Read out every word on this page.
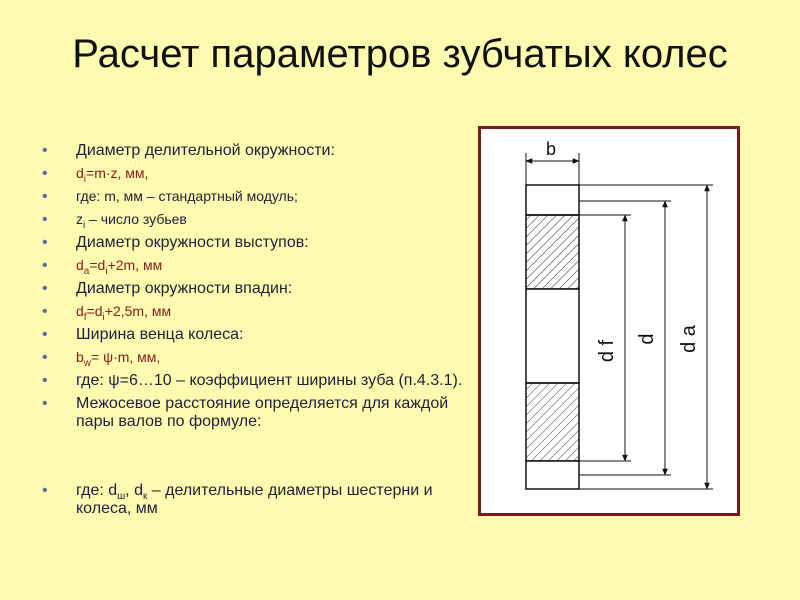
Расчет параметров зубчатых колес
• Диаметр делительной окружности:
• $d_i=m\cdot z$, мм,
• где: m, мм – стандартный модуль;
• $z_i$ – число зубьев
• Диаметр окружности выступов:
• $d_a=d_i+2m$, мм
• Диаметр окружности впадин:
• $d_f=d_i+2,5m$, мм
• Ширина венца колеса:
• $b_w= \psi\cdot m$, мм,
• где: ψ=6…10 – коэффициент ширины зуба (п.4.3.1).
• Межосевое расстояние определяется для каждой пары валов по формуле:
• где: $d_ш$, $d_к$ – делительные диаметры шестерни и колеса, мм
b
d f
d d a
